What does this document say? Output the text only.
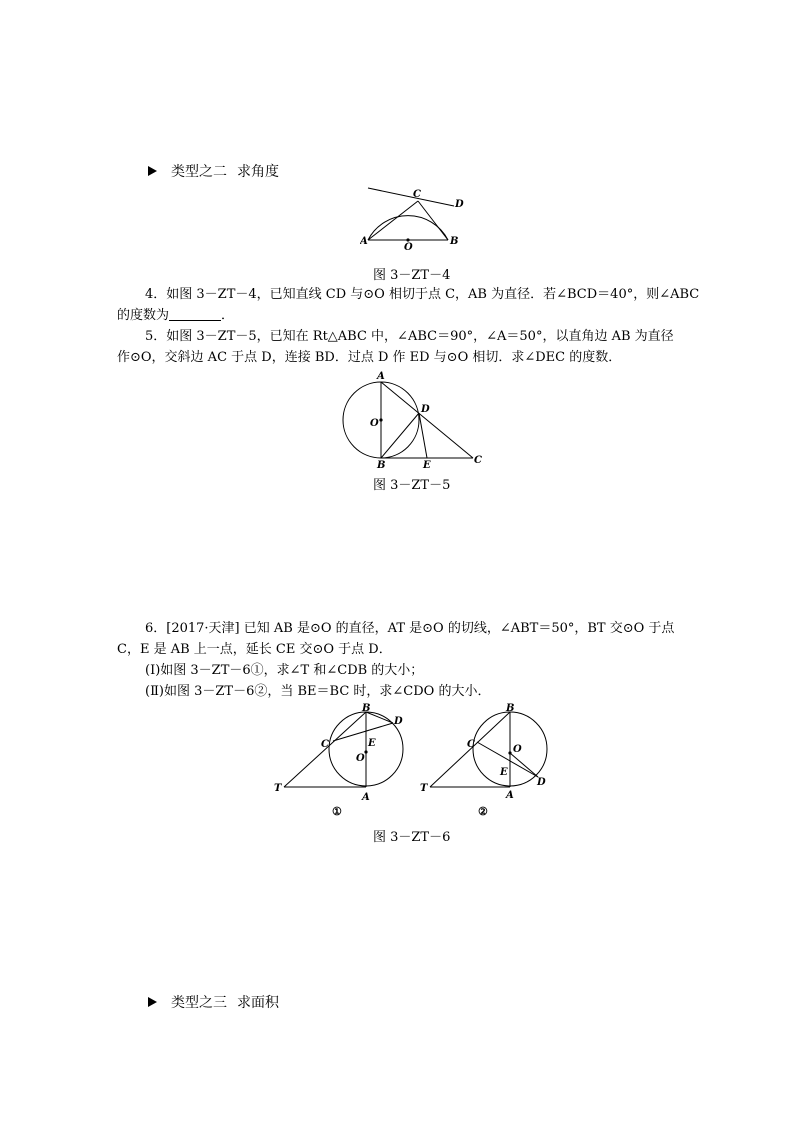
类型之二 求角度
A	B
C
D
O
图 3－ZT－4
4．如图 3－ZT－4，已知直线 CD 与⊙O 相切于点 C，AB 为直径．若∠BCD＝40°，则∠ABC
的度数为	．
5．如图 3－ZT－5，已知在 Rt△ABC 中，∠ABC＝90°，∠A＝50°，以直角边 AB 为直径
作⊙O，交斜边 AC 于点 D，连接 BD．过点 D 作 ED 与⊙O 相切．求∠DEC 的度数．
A
B	C
D
E
O
图 3－ZT－5
6．[2017·天津] 已知 AB 是⊙O 的直径，AT 是⊙O 的切线，∠ABT＝50°，BT 交⊙O 于点
C，E 是 AB 上一点，延长 CE 交⊙O 于点 D．
(Ⅰ)如图 3－ZT－6①，求∠T 和∠CDB 的大小；
(Ⅱ)如图 3－ZT－6②，当 BE＝BC 时，求∠CDO 的大小．
B
D
C	E
O
T
A
①
B
C	O
E
D
T
A
②
图 3－ZT－6
类型之三 求面积
